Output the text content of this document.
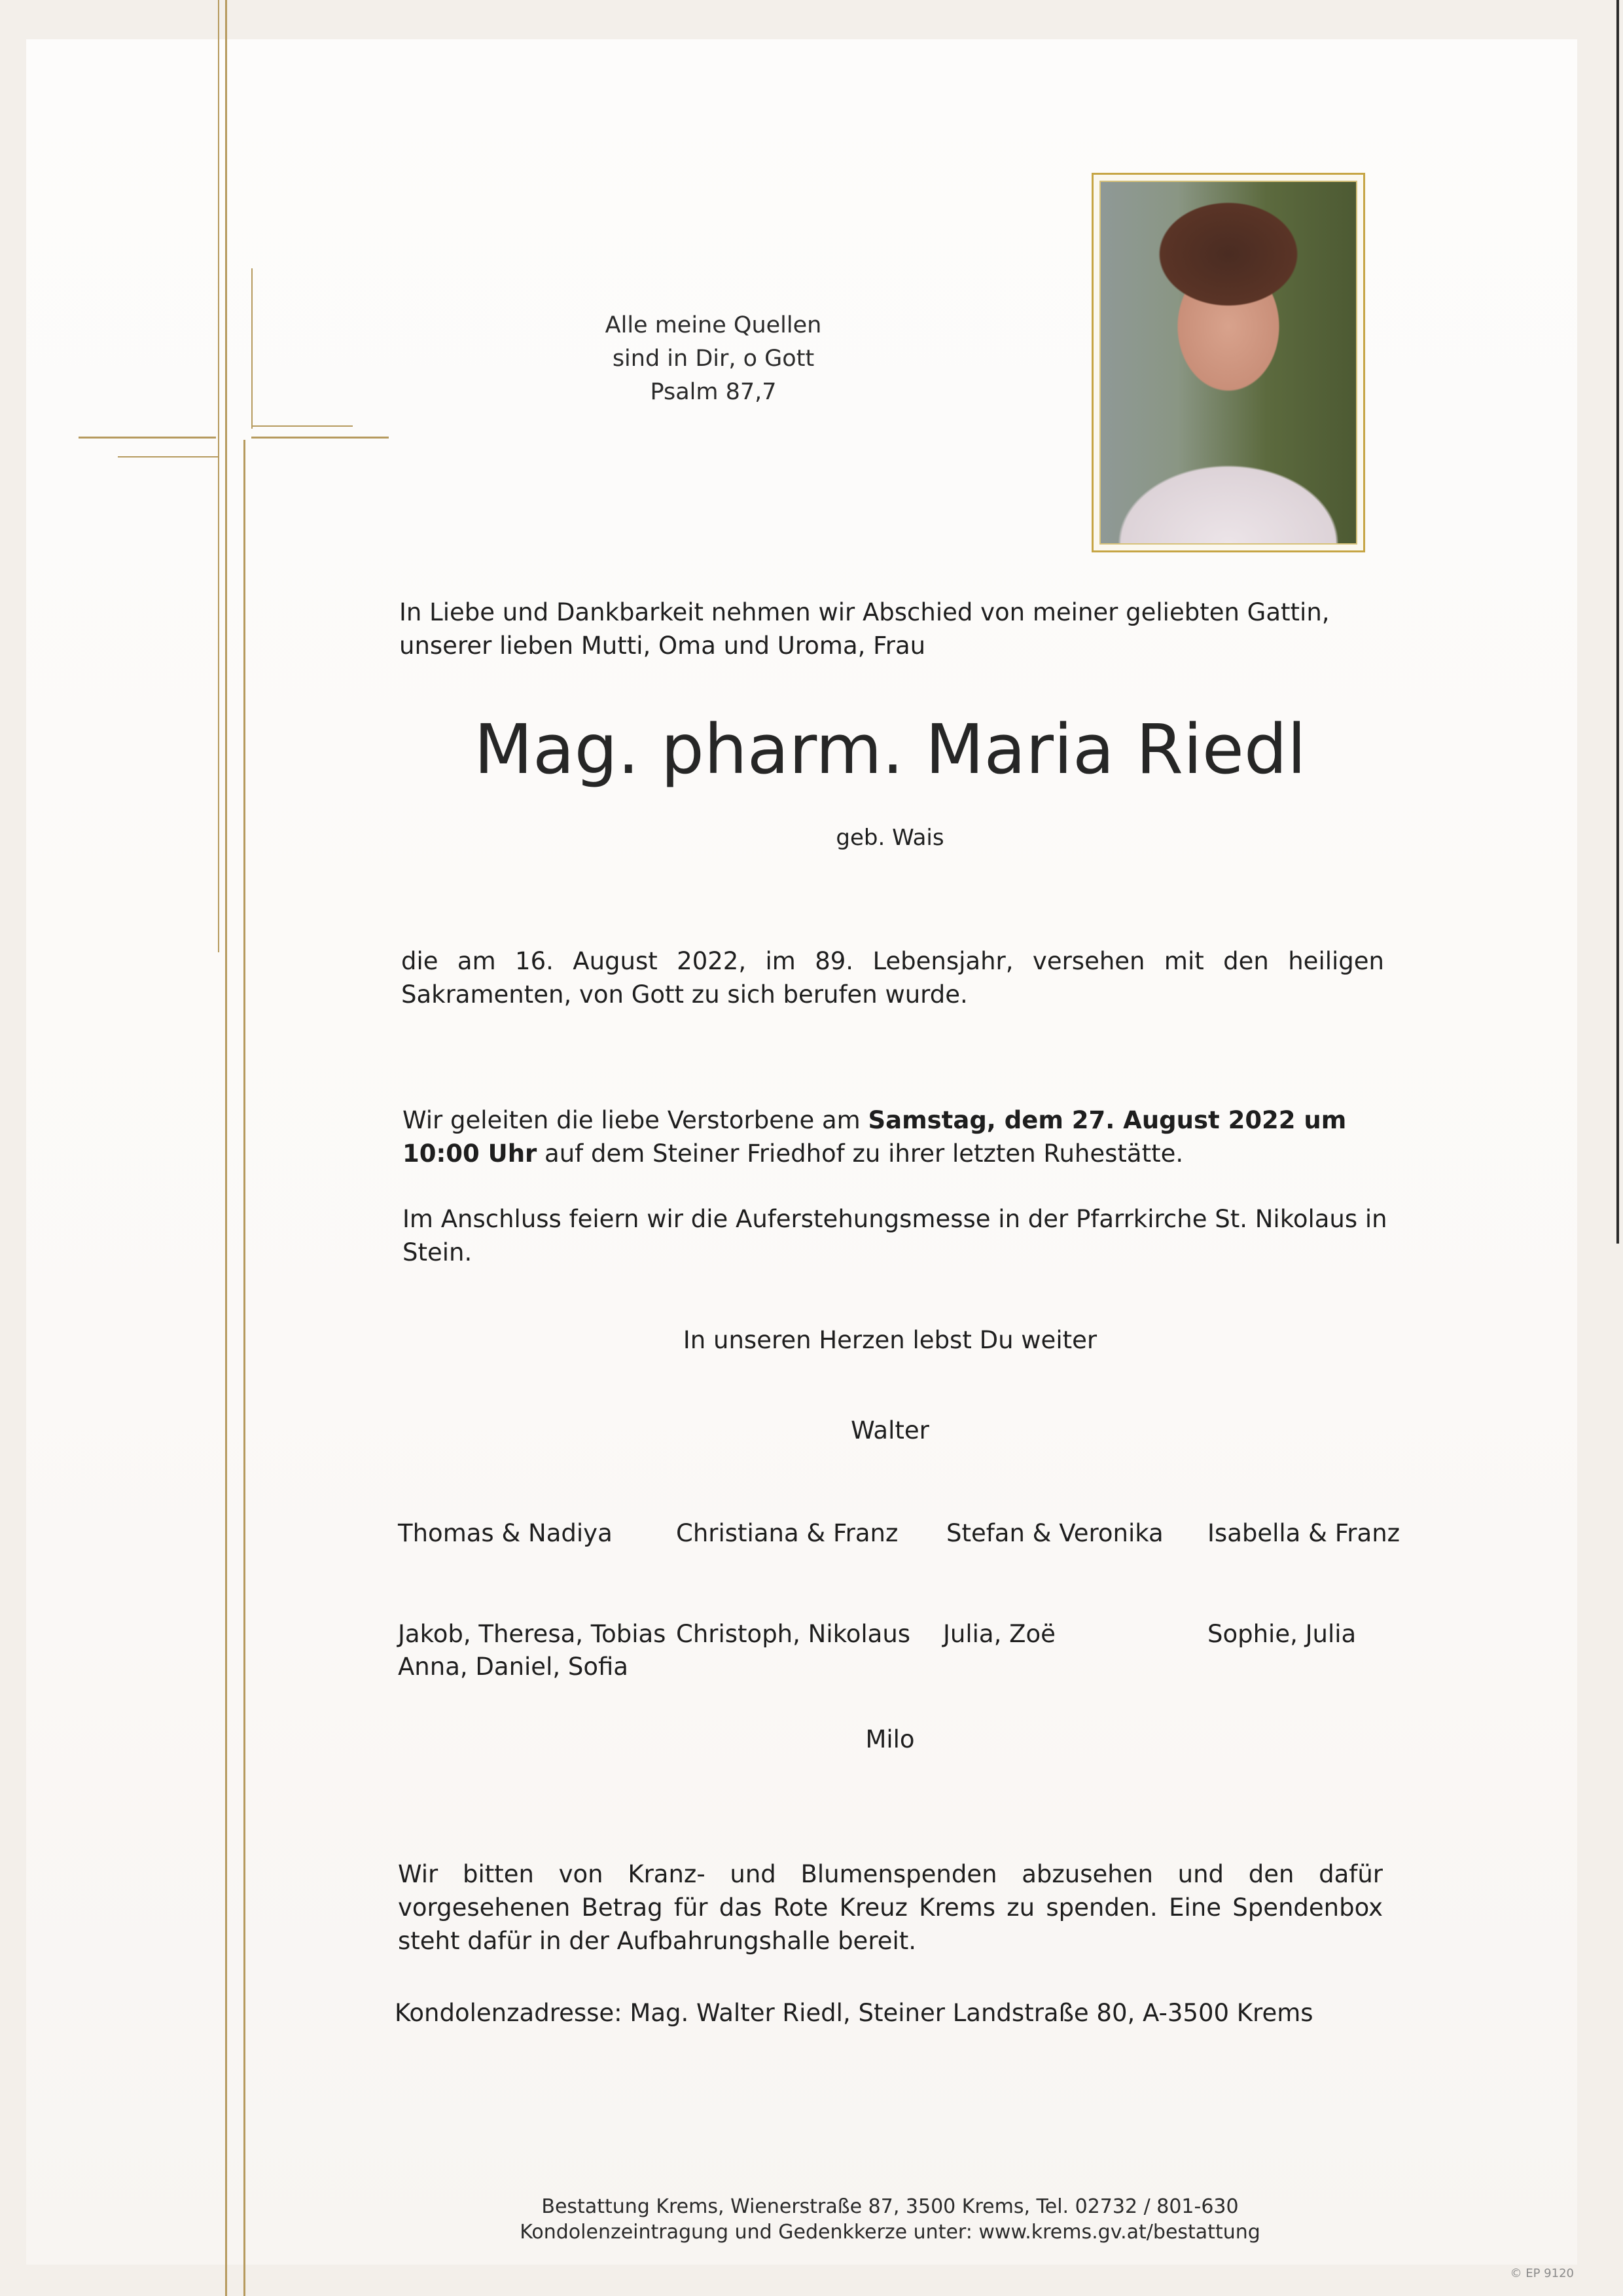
Alle meine Quellen
sind in Dir, o Gott
Psalm 87,7
In Liebe und Dankbarkeit nehmen wir Abschied von meiner geliebten Gattin, unserer lieben Mutti, Oma und Uroma, Frau
Mag. pharm. Maria Riedl
geb. Wais
die am 16. August 2022, im 89. Lebensjahr, versehen mit den heiligen Sakramenten, von Gott zu sich berufen wurde.
Wir geleiten die liebe Verstorbene am Samstag, dem 27. August 2022 um 10:00 Uhr auf dem Steiner Friedhof zu ihrer letzten Ruhestätte.
Im Anschluss feiern wir die Auferstehungsmesse in der Pfarrkirche St. Nikolaus in Stein.
In unseren Herzen lebst Du weiter
Walter
Thomas & Nadiya	Christiana & Franz Stefan & Veronika Isabella & Franz
Jakob, Theresa, Tobias
Anna, Daniel, Sofia
Christoph, Nikolaus Julia, Zoë	Sophie, Julia
Milo
Wir bitten von Kranz- und Blumenspenden abzusehen und den dafür vorgesehenen Betrag für das Rote Kreuz Krems zu spenden. Eine Spendenbox steht dafür in der Aufbahrungshalle bereit.
Kondolenzadresse: Mag. Walter Riedl, Steiner Landstraße 80, A-3500 Krems
Bestattung Krems, Wienerstraße 87, 3500 Krems, Tel. 02732 / 801-630
Kondolenzeintragung und Gedenkkerze unter: www.krems.gv.at/bestattung
© EP 9120
